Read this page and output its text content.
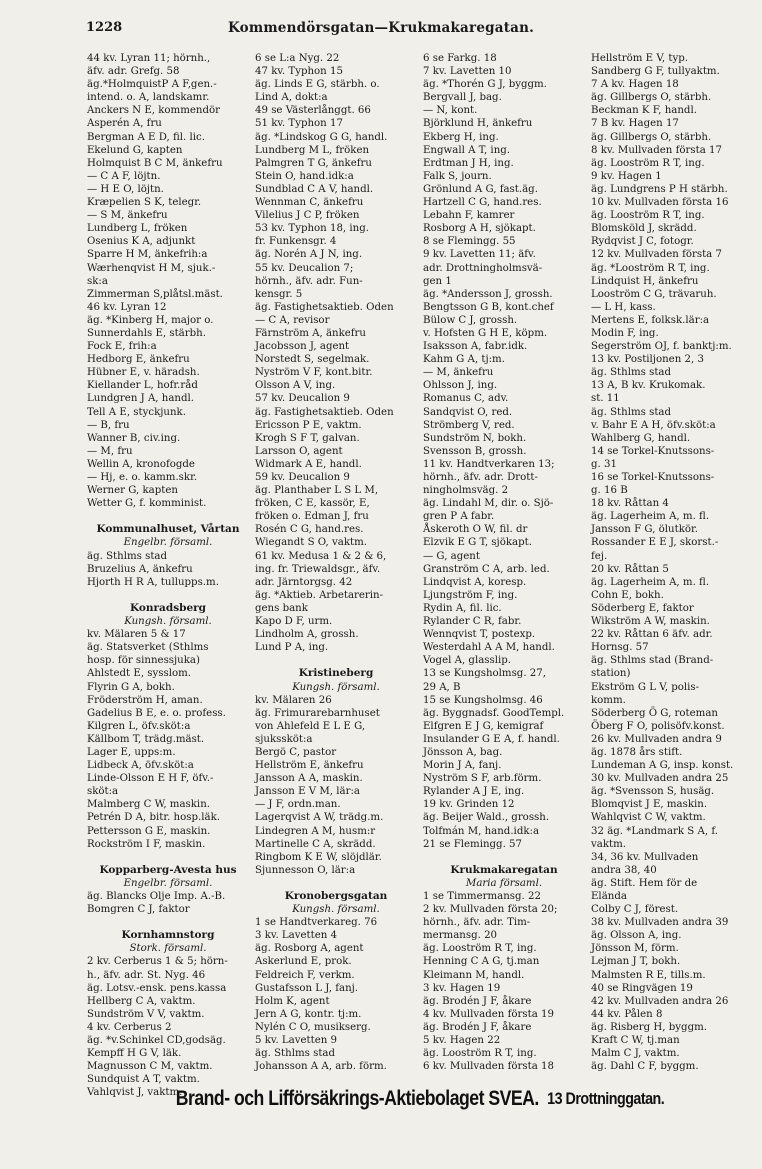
1228	Kommendörsgatan—Krukmakaregatan.
44 kv. Lyran 11; hörnh.,
äfv. adr. Grefg. 58
äg.*HolmquistP A F,gen.-
intend. o. A, landskamr.
Anckers N E, kommendör
Asperén A, fru
Bergman A E D, fil. lic.
Ekelund G, kapten
Holmquist B C M, änkefru
— C A F, löjtn.
— H E O, löjtn.
Kræpelien S K, telegr.
— S M, änkefru
Lundberg L, fröken
Osenius K A, adjunkt
Sparre H M, änkefrih:a
Wærhenqvist H M, sjuk.-
sk:a
Zimmerman S,plåtsl.mäst.
46 kv. Lyran 12
äg. *Kinberg H, major o.
Sunnerdahls E, stärbh.
Fock E, frih:a
Hedborg E, änkefru
Hübner E, v. häradsh.
Kiellander L, hofr.råd
Lundgren J A, handl.
Tell A E, styckjunk.
— B, fru
Wanner B, civ.ing.
— M, fru
Wellin A, kronofogde
— Hj, e. o. kamm.skr.
Werner G, kapten
Wetter G, f. komminist.

Kommunalhuset, Vårtan
Engelbr. församl.
äg. Sthlms stad
Bruzelius A, änkefru
Hjorth H R A, tullupps.m.

Konradsberg
Kungsh. församl.
kv. Mälaren 5 & 17
äg. Statsverket (Sthlms
hosp. för sinnessjuka)
Ahlstedt E, sysslom.
Flyrin G A, bokh.
Fröderström H, aman.
Gadelius B E, e. o. profess.
Kilgren L, öfv.sköt:a
Källbom T, trädg.mäst.
Lager E, upps:m.
Lidbeck A, öfv.sköt:a
Linde-Olsson E H F, öfv.-
sköt:a
Malmberg C W, maskin.
Petrén D A, bitr. hosp.läk.
Pettersson G E, maskin.
Rockström I F, maskin.

Kopparberg-Avesta hus
Engelbr. församl.
äg. Blancks Olje Imp. A.-B.
Bomgren C J, faktor

Kornhamnstorg
Stork. församl.
2 kv. Cerberus 1 & 5; hörn-
h., äfv. adr. St. Nyg. 46
äg. Lotsv.-ensk. pens.kassa
Hellberg C A, vaktm.
Sundström V V, vaktm.
4 kv. Cerberus 2
äg. *v.Schinkel CD,godsäg.
Kempff H G V, läk.
Magnusson C M, vaktm.
Sundquist A T, vaktm.
Vahlqvist J, vaktm.
6 se L:a Nyg. 22
47 kv. Typhon 15
äg. Linds E G, stärbh. o.
Lind A, dokt:a
49 se Västerlånggt. 66
51 kv. Typhon 17
äg. *Lindskog G G, handl.
Lundberg M L, fröken
Palmgren T G, änkefru
Stein O, hand.idk:a
Sundblad C A V, handl.
Wennman C, änkefru
Vilelius J C P, fröken
53 kv. Typhon 18, ing.
fr. Funkensgr. 4
äg. Norén A J N, ing.
55 kv. Deucalion 7;
hörnh., äfv. adr. Fun-
kensgr. 5
äg. Fastighetsaktieb. Oden
— C A, revisor
Färnström A, änkefru
Jacobsson J, agent
Norstedt S, segelmak.
Nyström V F, kont.bitr.
Olsson A V, ing.
57 kv. Deucalion 9
äg. Fastighetsaktieb. Oden
Ericsson P E, vaktm.
Krogh S F T, galvan.
Larsson O, agent
Widmark A E, handl.
59 kv. Deucalion 9
äg. Planthaber L S L M,
fröken, C E, kassör, E,
fröken o. Edman J, fru
Rosén C G, hand.res.
Wiegandt S O, vaktm.
61 kv. Medusa 1 & 2 & 6,
ing. fr. Triewaldsgr., äfv.
adr. Järntorgsg. 42
äg. *Aktieb. Arbetarerin-
gens bank
Kapo D F, urm.
Lindholm A, grossh.
Lund P A, ing.

Kristineberg
Kungsh. församl.
kv. Mälaren 26
äg. Frimurarebarnhuset
von Ahlefeld E L E G,
sjukssköt:a
Bergö C, pastor
Hellström E, änkefru
Jansson A A, maskin.
Jansson E V M, lär:a
— J F, ordn.man.
Lagerqvist A W, trädg.m.
Lindegren A M, husm:r
Martinelle C A, skrädd.
Ringbom K E W, slöjdlär.
Sjunnesson O, lär:a

Kronobergsgatan
Kungsh. församl.
1 se Handtverkareg. 76
3 kv. Lavetten 4
äg. Rosborg A, agent
Askerlund E, prok.
Feldreich F, verkm.
Gustafsson L J, fanj.
Holm K, agent
Jern A G, kontr. tj:m.
Nylén C O, musikserg.
5 kv. Lavetten 9
äg. Sthlms stad
Johansson A A, arb. förm.
6 se Farkg. 18
7 kv. Lavetten 10
äg. *Thorén G J, byggm.
Bergvall J, bag.
— N, kont.
Björklund H, änkefru
Ekberg H, ing.
Engwall A T, ing.
Erdtman J H, ing.
Falk S, journ.
Grönlund A G, fast.äg.
Hartzell C G, hand.res.
Lebahn F, kamrer
Rosborg A H, sjökapt.
8 se Flemingg. 55
9 kv. Lavetten 11; äfv.
adr. Drottningholmsvä-
gen 1
äg. *Andersson J, grossh.
Bengtsson G B, kont.chef
Bülow C J, grossh.
v. Hofsten G H E, köpm.
Isaksson A, fabr.idk.
Kahm G A, tj:m.
— M, änkefru
Ohlsson J, ing.
Romanus C, adv.
Sandqvist O, red.
Strömberg V, red.
Sundström N, bokh.
Svensson B, grossh.
11 kv. Handtverkaren 13;
hörnh., äfv. adr. Drott-
ningholmsväg. 2
äg. Lindahl M, dir. o. Sjö-
gren P A fabr.
Åskeroth O W, fil. dr
Elzvik E G T, sjökapt.
— G, agent
Granström C A, arb. led.
Lindqvist A, koresp.
Ljungström F, ing.
Rydin A, fil. lic.
Rylander C R, fabr.
Wennqvist T, postexp.
Westerdahl A A M, handl.
Vogel A, glasslip.
13 se Kungsholmsg. 27,
29 A, B
15 se Kungsholmsg. 46
äg. Byggnadsf. GoodTempl.
Elfgren E J G, kemigraf
Insulander G E A, f. handl.
Jönsson A, bag.
Morin J A, fanj.
Nyström S F, arb.förm.
Rylander A J E, ing.
19 kv. Grinden 12
äg. Beijer Wald., grossh.
Tolfmán M, hand.idk:a
21 se Flemingg. 57

Krukmakaregatan
Maria församl.
1 se Timmermansg. 22
2 kv. Mullvaden första 20;
hörnh., äfv. adr. Tim-
mermansg. 20
äg. Looström R T, ing.
Henning C A G, tj.man
Kleimann M, handl.
3 kv. Hagen 19
äg. Brodén J F, åkare
4 kv. Mullvaden första 19
äg. Brodén J F, åkare
5 kv. Hagen 22
äg. Looström R T, ing.
6 kv. Mullvaden första 18
Hellström E V, typ.
Sandberg G F, tullyaktm.
7 A kv. Hagen 18
äg. Gillbergs O, stärbh.
Beckman K F, handl.
7 B kv. Hagen 17
äg. Gillbergs O, stärbh.
8 kv. Mullvaden första 17
äg. Looström R T, ing.
9 kv. Hagen 1
äg. Lundgrens P H stärbh.
10 kv. Mullvaden första 16
äg. Looström R T, ing.
Blomsköld J, skrädd.
Rydqvist J C, fotogr.
12 kv. Mullvaden första 7
äg. *Looström R T, ing.
Lindquist H, änkefru
Looström C G, trävaruh.
— L H, kass.
Mertens E, folksk.lär:a
Modin F, ing.
Segerström OJ, f. banktj:m.
13 kv. Postiljonen 2, 3
äg. Sthlms stad
13 A, B kv. Krukomak.
st. 11
äg. Sthlms stad
v. Bahr E A H, öfv.sköt:a
Wahlberg G, handl.
14 se Torkel-Knutssons-
g. 31
16 se Torkel-Knutssons-
g. 16 B
18 kv. Råttan 4
äg. Lagerheim A, m. fl.
Jansson F G, ölutkör.
Rossander E E J, skorst.-
fej.
20 kv. Råttan 5
äg. Lagerheim A, m. fl.
Cohn E, bokh.
Söderberg E, faktor
Wikström A W, maskin.
22 kv. Råttan 6 äfv. adr.
Hornsg. 57
äg. Sthlms stad (Brand-
station)
Ekström G L V, polis-
komm.
Söderberg Ö G, roteman
Öberg F O, polisöfv.konst.
26 kv. Mullvaden andra 9
äg. 1878 års stift.
Lundeman A G, insp. konst.
30 kv. Mullvaden andra 25
äg. *Svensson S, husäg.
Blomqvist J E, maskin.
Wahlqvist C W, vaktm.
32 äg. *Landmark S A, f.
vaktm.
34, 36 kv. Mullvaden
andra 38, 40
äg. Stift. Hem för de
Elända
Colby C J, förest.
38 kv. Mullvaden andra 39
äg. Olsson A, ing.
Jönsson M, förm.
Lejman J T, bokh.
Malmsten R E, tills.m.
40 se Ringvägen 19
42 kv. Mullvaden andra 26
44 kv. Pålen 8
äg. Risberg H, byggm.
Kraft C W, tj.man
Malm C J, vaktm.
äg. Dahl C F, byggm.
Brand- och Lifförsäkrings-Aktiebolaget SVEA. 13 Drottninggatan.
